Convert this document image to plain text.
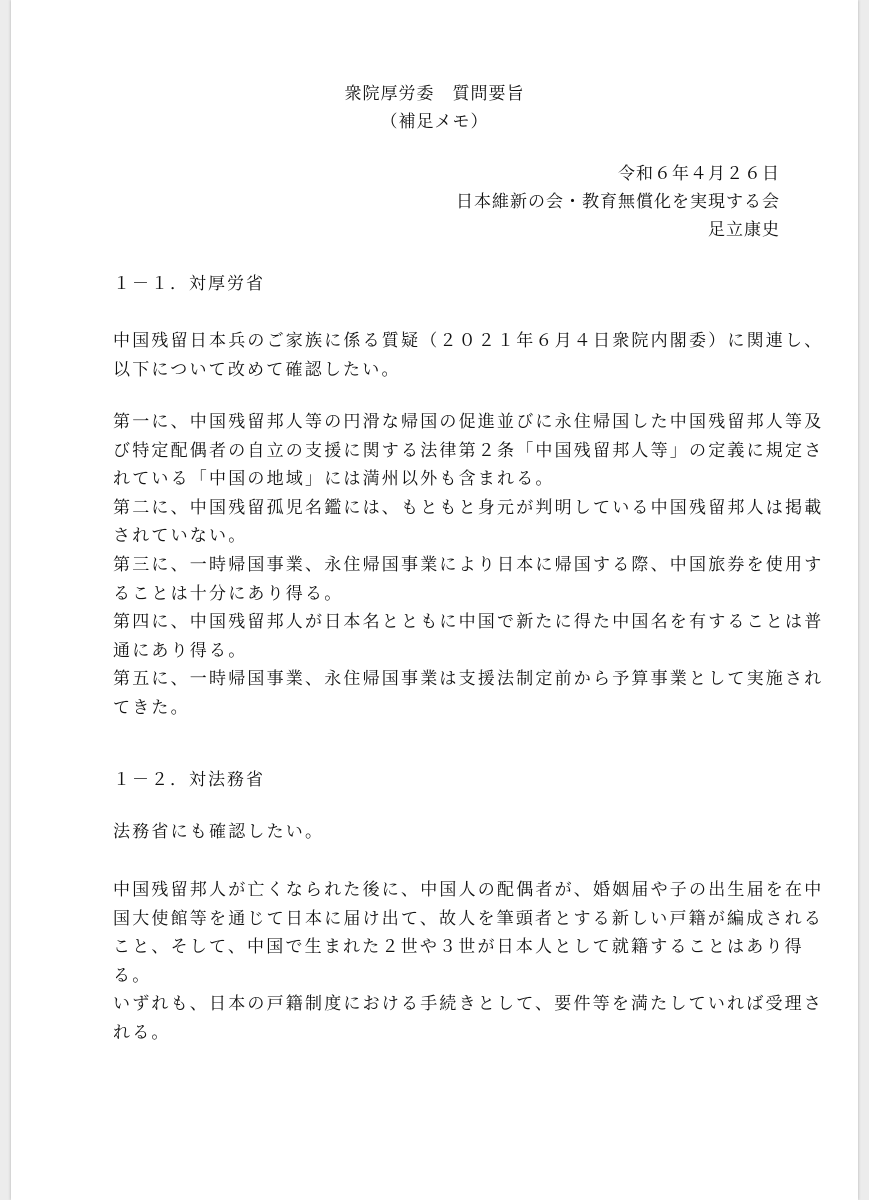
衆院厚労委　質問要旨
（補足メモ）
令和６年４月２６日
日本維新の会・教育無償化を実現する会
足立康史
１－１．対厚労省
中国残留日本兵のご家族に係る質疑（２０２１年６月４日衆院内閣委）に関連し、
以下について改めて確認したい。
第一に、中国残留邦人等の円滑な帰国の促進並びに永住帰国した中国残留邦人等及
び特定配偶者の自立の支援に関する法律第２条「中国残留邦人等」の定義に規定さ
れている「中国の地域」には満州以外も含まれる。
第二に、中国残留孤児名鑑には、もともと身元が判明している中国残留邦人は掲載
されていない。
第三に、一時帰国事業、永住帰国事業により日本に帰国する際、中国旅券を使用す
ることは十分にあり得る。
第四に、中国残留邦人が日本名とともに中国で新たに得た中国名を有することは普
通にあり得る。
第五に、一時帰国事業、永住帰国事業は支援法制定前から予算事業として実施され
てきた。
１－２．対法務省
法務省にも確認したい。
中国残留邦人が亡くなられた後に、中国人の配偶者が、婚姻届や子の出生届を在中
国大使館等を通じて日本に届け出て、故人を筆頭者とする新しい戸籍が編成される
こと、そして、中国で生まれた２世や３世が日本人として就籍することはあり得
る。
いずれも、日本の戸籍制度における手続きとして、要件等を満たしていれば受理さ
れる。
